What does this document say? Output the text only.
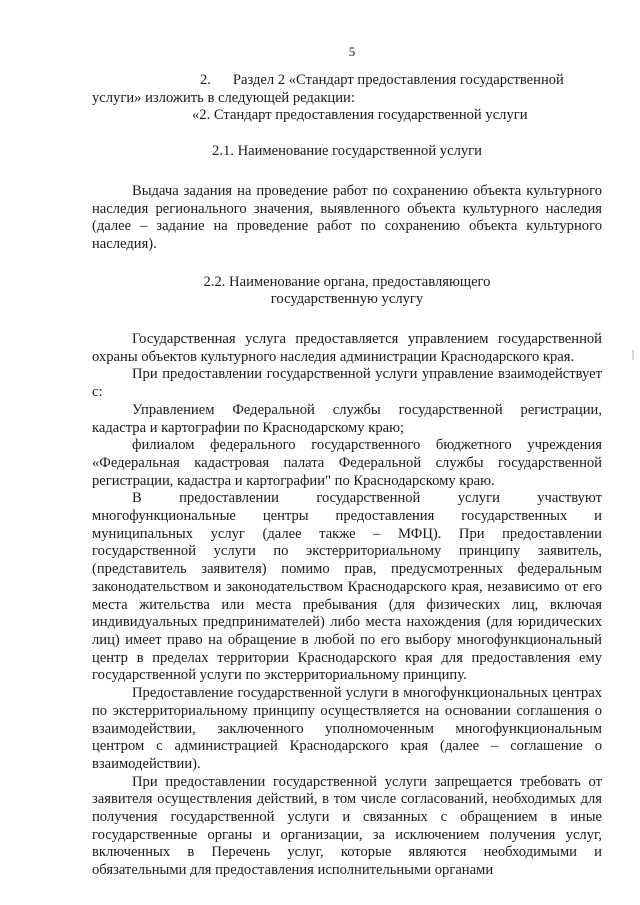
5

2. Раздел 2 «Стандарт предоставления государственной

услуги» изложить в следующей редакции:

«2. Стандарт предоставления государственной услуги

2.1. Наименование государственной услуги

Выдача задания на проведение работ по сохранению объекта культурного наследия регионального значения, выявленного объекта культурного наследия (далее – задание на проведение работ по сохранению объекта культурного наследия).

2.2. Наименование органа, предоставляющего

государственную услугу

Государственная услуга предоставляется управлением государственной охраны объектов культурного наследия администрации Краснодарского края.

При предоставлении государственной услуги управление взаимодействует с:

Управлением Федеральной службы государственной регистрации, кадастра и картографии по Краснодарскому краю;

филиалом федерального государственного бюджетного учреждения «Федеральная кадастровая палата Федеральной службы государственной регистрации, кадастра и картографии" по Краснодарскому краю.

В предоставлении государственной услуги участвуют многофункциональные центры предоставления государственных и муниципальных услуг (далее также – МФЦ). При предоставлении государственной услуги по экстерриториальному принципу заявитель, (представитель заявителя) помимо прав, предусмотренных федеральным законодательством и законодательством Краснодарского края, независимо от его места жительства или места пребывания (для физических лиц, включая индивидуальных предпринимателей) либо места нахождения (для юридических лиц) имеет право на обращение в любой по его выбору многофункциональный центр в пределах территории Краснодарского края для предоставления ему государственной услуги по экстерриториальному принципу.

Предоставление государственной услуги в многофункциональных центрах по экстерриториальному принципу осуществляется на основании соглашения о взаимодействии, заключенного уполномоченным многофункциональным центром с администрацией Краснодарского края (далее – соглашение о взаимодействии).

При предоставлении государственной услуги запрещается требовать от заявителя осуществления действий, в том числе согласований, необходимых для получения государственной услуги и связанных с обращением в иные государственные органы и организации, за исключением получения услуг, включенных в Перечень услуг, которые являются необходимыми и обязательными для предоставления исполнительными органами
